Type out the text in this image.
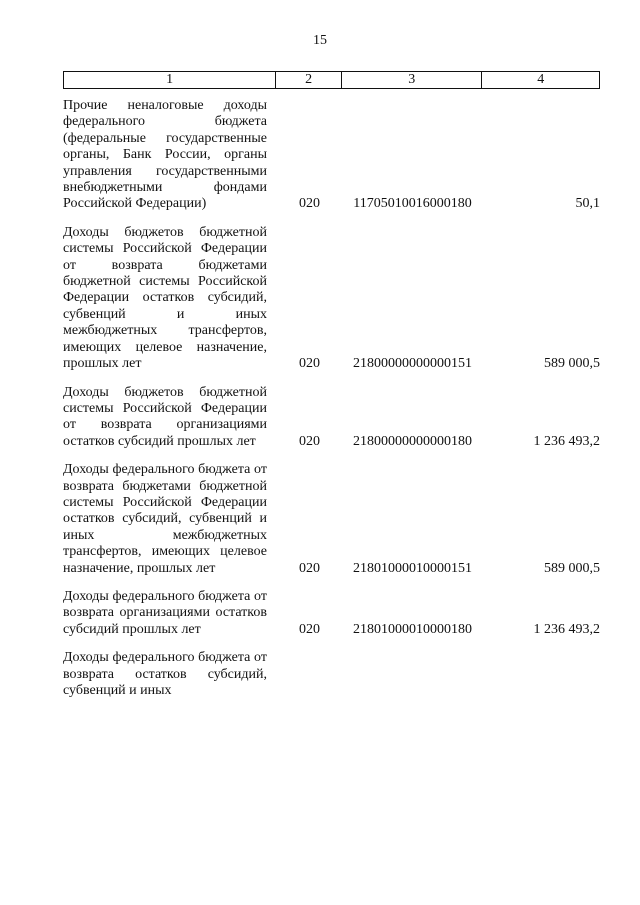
15
1	2	3	4
Прочие неналоговые доходы федерального бюджета (федеральные государственные органы, Банк России, органы управления государственными внебюджетными фондами Российской Федерации)	020	11705010016000180	50,1
Доходы бюджетов бюджетной системы Российской Федерации от возврата бюджетами бюджетной системы Российской Федерации остатков субсидий, субвенций и иных межбюджетных трансфертов, имеющих целевое назначение, прошлых лет	020	21800000000000151	589 000,5
Доходы бюджетов бюджетной системы Российской Федерации от возврата организациями остатков субсидий прошлых лет	020	21800000000000180	1 236 493,2
Доходы федерального бюджета от возврата бюджетами бюджетной системы Российской Федерации остатков субсидий, субвенций и иных межбюджетных трансфертов, имеющих целевое назначение, прошлых лет	020	21801000010000151	589 000,5
Доходы федерального бюджета от возврата организациями остатков субсидий прошлых лет	020	21801000010000180	1 236 493,2
Доходы федерального бюджета от возврата остатков субсидий, субвенций и иных
